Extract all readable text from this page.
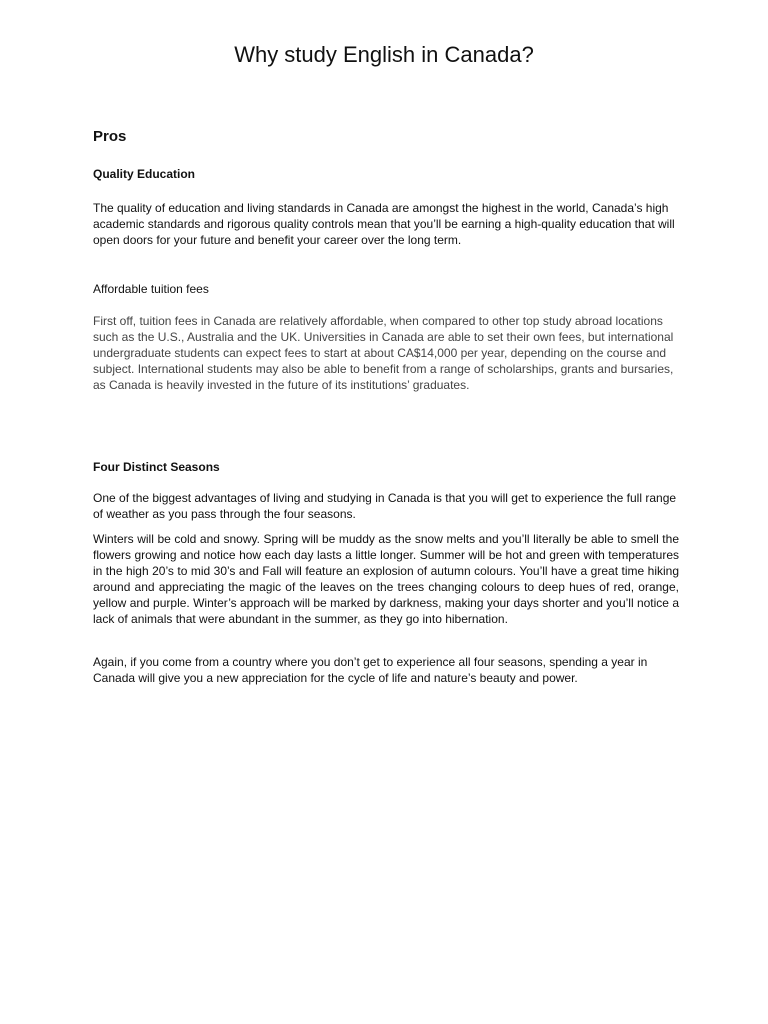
Why study English in Canada?
Pros
Quality Education

The quality of education and living standards in Canada are amongst the highest in the world, Canada’s high academic standards and rigorous quality controls mean that you’ll be earning a high-quality education that will open doors for your future and benefit your career over the long term.

Affordable tuition fees

First off, tuition fees in Canada are relatively affordable, when compared to other top study abroad locations such as the U.S., Australia and the UK. Universities in Canada are able to set their own fees, but international undergraduate students can expect fees to start at about CA$14,000 per year, depending on the course and subject. International students may also be able to benefit from a range of scholarships, grants and bursaries, as Canada is heavily invested in the future of its institutions’ graduates.

Four Distinct Seasons

One of the biggest advantages of living and studying in Canada is that you will get to experience the full range of weather as you pass through the four seasons.

Winters will be cold and snowy. Spring will be muddy as the snow melts and you’ll literally be able to smell the flowers growing and notice how each day lasts a little longer. Summer will be hot and green with temperatures in the high 20’s to mid 30’s and Fall will feature an explosion of autumn colours. You’ll have a great time hiking around and appreciating the magic of the leaves on the trees changing colours to deep hues of red, orange, yellow and purple. Winter’s approach will be marked by darkness, making your days shorter and you’ll notice a lack of animals that were abundant in the summer, as they go into hibernation.

Again, if you come from a country where you don’t get to experience all four seasons, spending a year in Canada will give you a new appreciation for the cycle of life and nature’s beauty and power.
